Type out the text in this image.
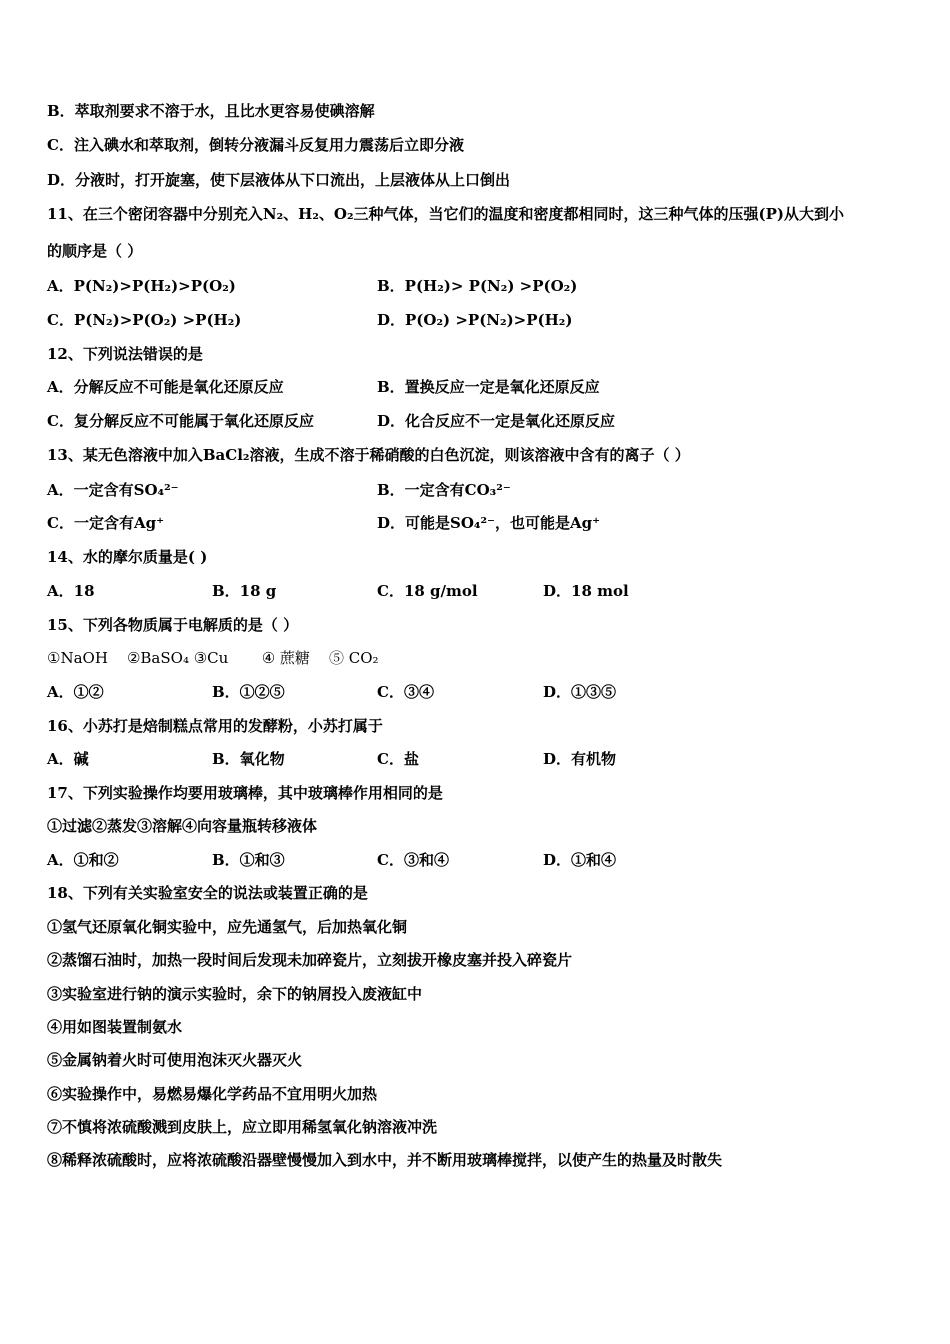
B．萃取剂要求不溶于水，且比水更容易使碘溶解
C．注入碘水和萃取剂，倒转分液漏斗反复用力震荡后立即分液
D．分液时，打开旋塞，使下层液体从下口流出，上层液体从上口倒出
11、在三个密闭容器中分别充入N₂、H₂、O₂三种气体，当它们的温度和密度都相同时，这三种气体的压强(P)从大到小
的顺序是（ ）
A．P(N₂)>P(H₂)>P(O₂)	B．P(H₂)> P(N₂) >P(O₂)
C．P(N₂)>P(O₂) >P(H₂)	D．P(O₂) >P(N₂)>P(H₂)
12、下列说法错误的是
A．分解反应不可能是氧化还原反应	B．置换反应一定是氧化还原反应
C．复分解反应不可能属于氧化还原反应	D．化合反应不一定是氧化还原反应
13、某无色溶液中加入BaCl₂溶液，生成不溶于稀硝酸的白色沉淀，则该溶液中含有的离子（ ）
A．一定含有SO₄²⁻	B．一定含有CO₃²⁻
C．一定含有Ag⁺	D．可能是SO₄²⁻，也可能是Ag⁺
14、水的摩尔质量是( )
A．18	B．18 g	C．18 g/mol	D．18 mol
15、下列各物质属于电解质的是（ ）
①NaOH    ②BaSO₄ ③Cu       ④ 蔗糖    ⑤ CO₂
A．①②	B．①②⑤	C．③④	D．①③⑤
16、小苏打是焙制糕点常用的发酵粉，小苏打属于
A．碱	B．氧化物	C．盐	D．有机物
17、下列实验操作均要用玻璃棒，其中玻璃棒作用相同的是
①过滤②蒸发③溶解④向容量瓶转移液体
A．①和②	B．①和③	C．③和④	D．①和④
18、下列有关实验室安全的说法或装置正确的是
①氢气还原氧化铜实验中，应先通氢气，后加热氧化铜
②蒸馏石油时，加热一段时间后发现未加碎瓷片，立刻拔开橡皮塞并投入碎瓷片
③实验室进行钠的演示实验时，余下的钠屑投入废液缸中
④用如图装置制氨水
⑤金属钠着火时可使用泡沫灭火器灭火
⑥实验操作中，易燃易爆化学药品不宜用明火加热
⑦不慎将浓硫酸溅到皮肤上，应立即用稀氢氧化钠溶液冲洗
⑧稀释浓硫酸时，应将浓硫酸沿器壁慢慢加入到水中，并不断用玻璃棒搅拌，以使产生的热量及时散失
